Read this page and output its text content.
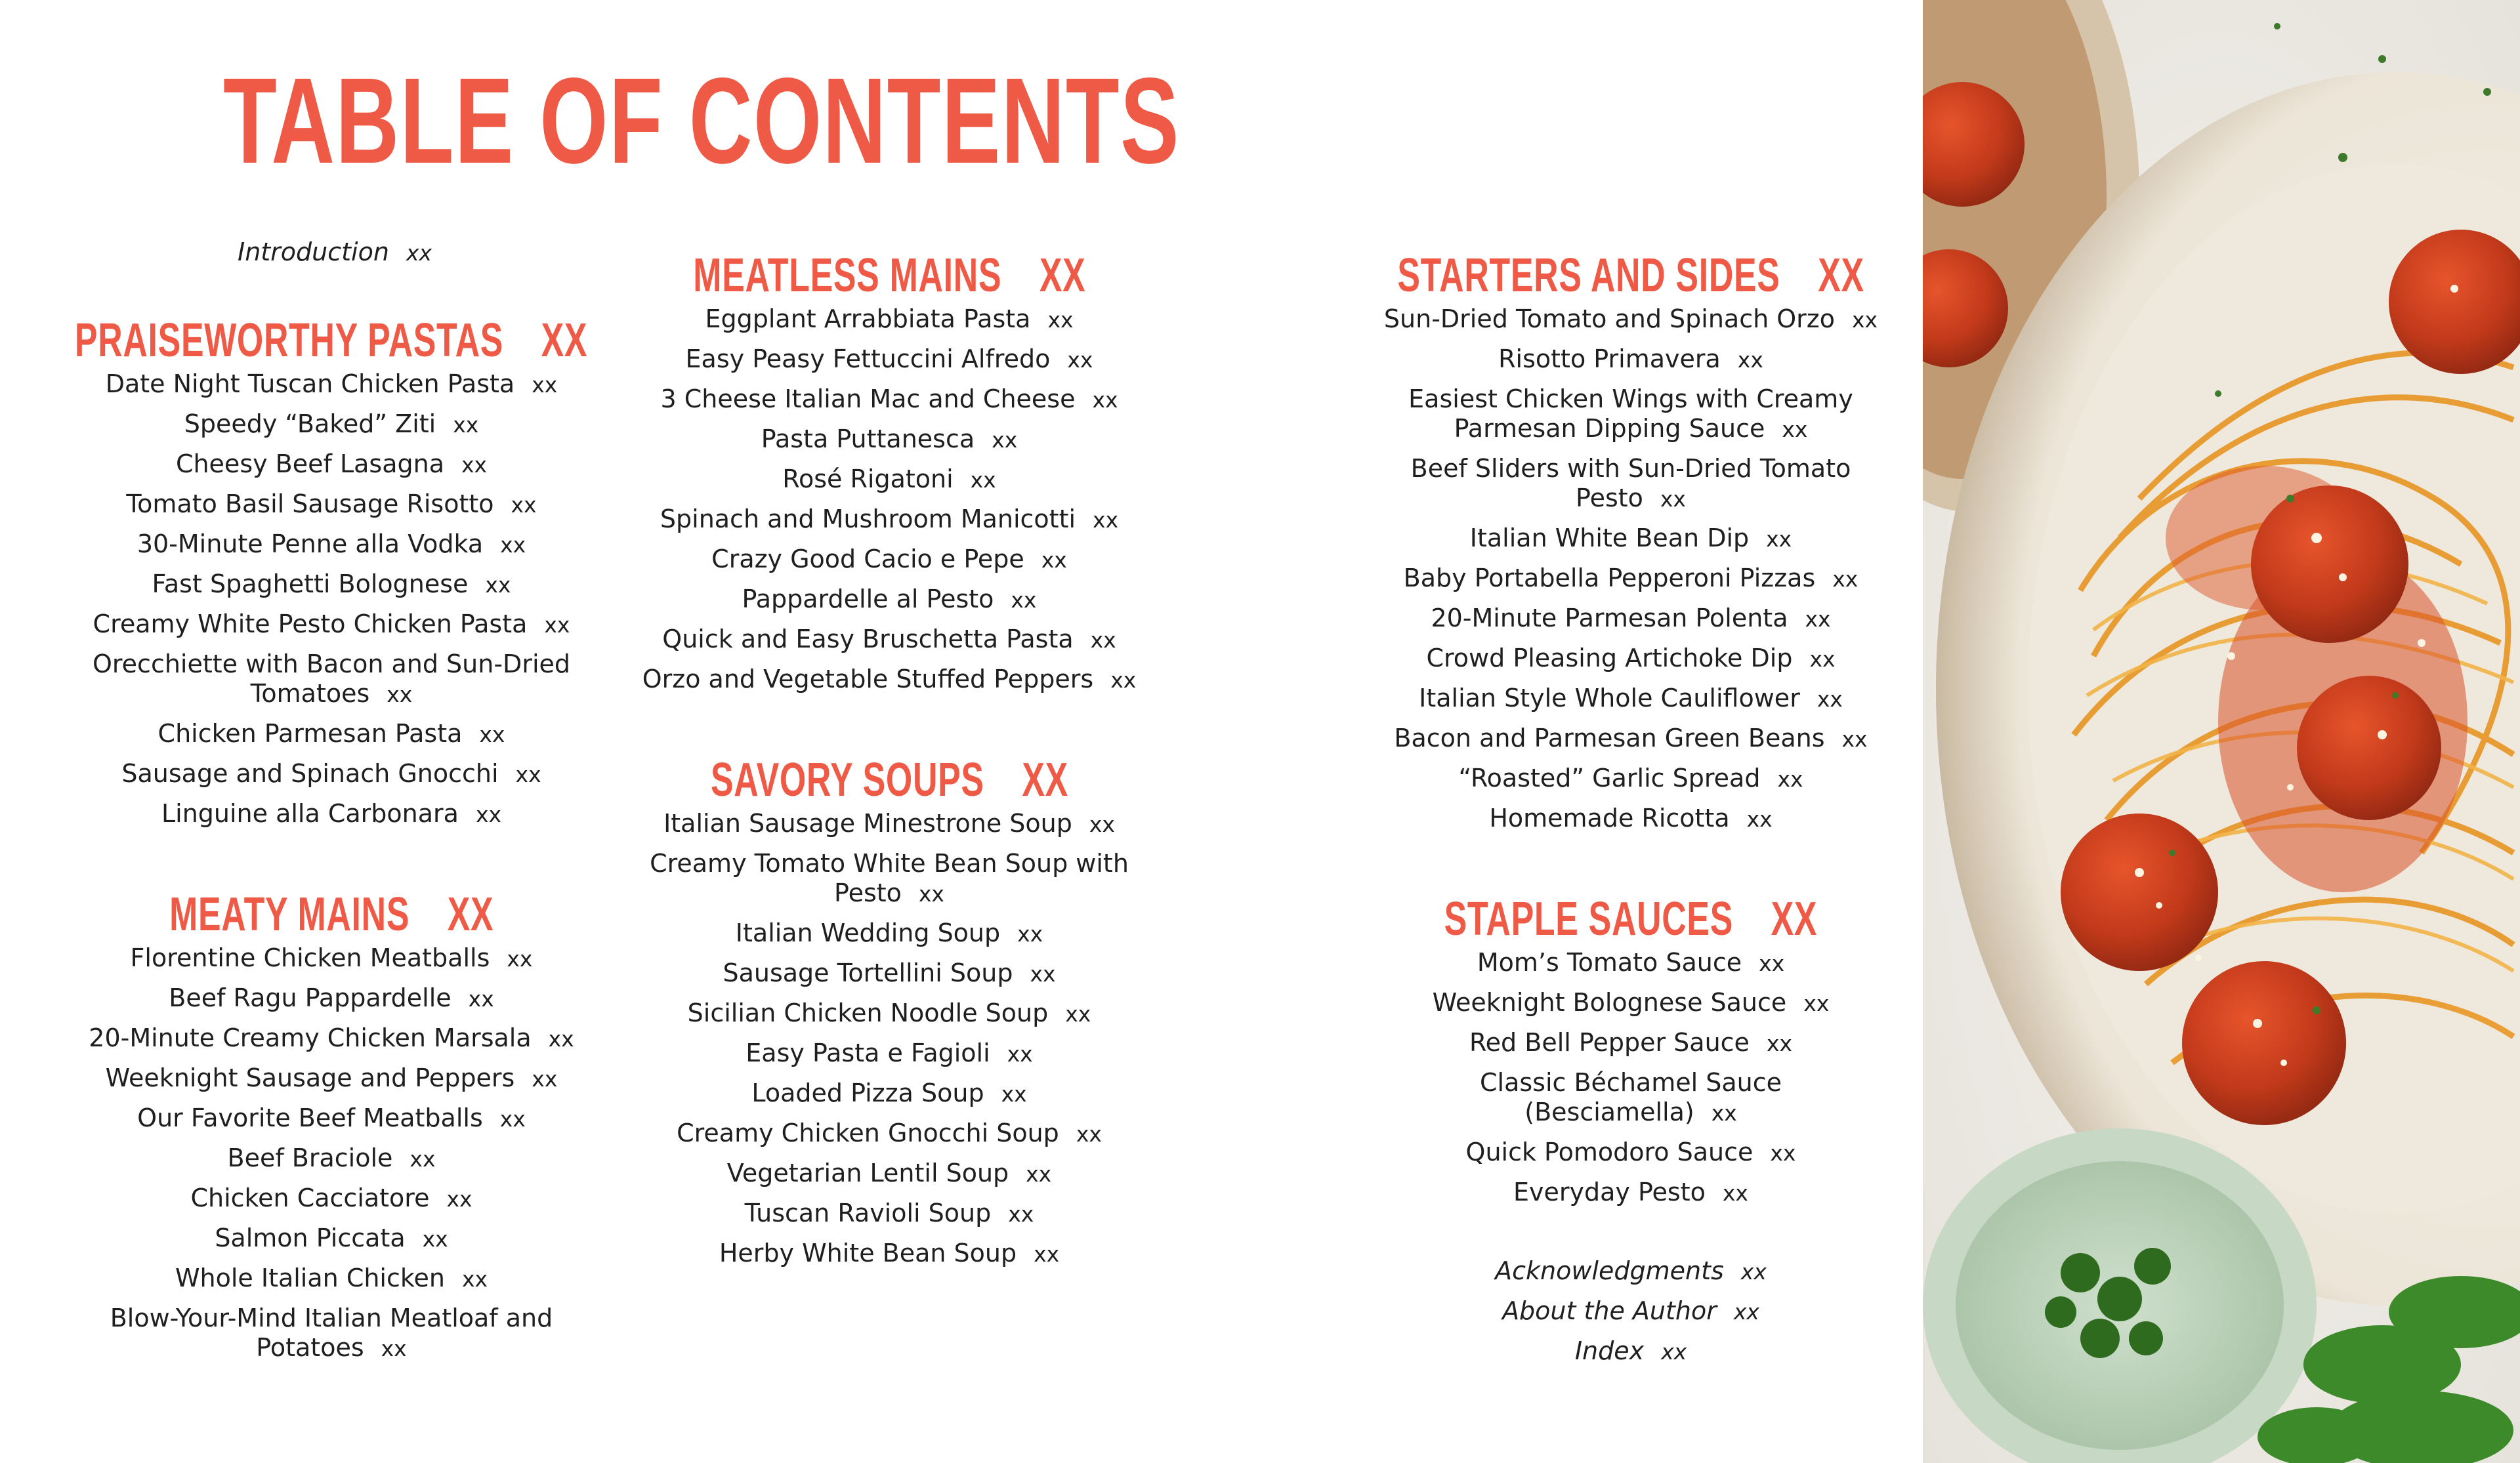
TABLE OF CONTENTS
Introduction xx
PRAISEWORTHY PASTAS XX
Date Night Tuscan Chicken Pasta xx
Speedy “Baked” Ziti xx
Cheesy Beef Lasagna xx
Tomato Basil Sausage Risotto xx
30-Minute Penne alla Vodka xx
Fast Spaghetti Bolognese xx
Creamy White Pesto Chicken Pasta xx
Orecchiette with Bacon and Sun-Dried Tomatoes xx
Chicken Parmesan Pasta xx
Sausage and Spinach Gnocchi xx
Linguine alla Carbonara xx
MEATY MAINS XX
Florentine Chicken Meatballs xx
Beef Ragu Pappardelle xx
20-Minute Creamy Chicken Marsala xx
Weeknight Sausage and Peppers xx
Our Favorite Beef Meatballs xx
Beef Braciole xx
Chicken Cacciatore xx
Salmon Piccata xx
Whole Italian Chicken xx
Blow-Your-Mind Italian Meatloaf and Potatoes xx
MEATLESS MAINS XX
Eggplant Arrabbiata Pasta xx
Easy Peasy Fettuccini Alfredo xx
3 Cheese Italian Mac and Cheese xx
Pasta Puttanesca xx
Rosé Rigatoni xx
Spinach and Mushroom Manicotti xx
Crazy Good Cacio e Pepe xx
Pappardelle al Pesto xx
Quick and Easy Bruschetta Pasta xx
Orzo and Vegetable Stuffed Peppers xx
SAVORY SOUPS XX
Italian Sausage Minestrone Soup xx
Creamy Tomato White Bean Soup with Pesto xx
Italian Wedding Soup xx
Sausage Tortellini Soup xx
Sicilian Chicken Noodle Soup xx
Easy Pasta e Fagioli xx
Loaded Pizza Soup xx
Creamy Chicken Gnocchi Soup xx
Vegetarian Lentil Soup xx
Tuscan Ravioli Soup xx
Herby White Bean Soup xx
STARTERS AND SIDES XX
Sun-Dried Tomato and Spinach Orzo xx
Risotto Primavera xx
Easiest Chicken Wings with Creamy Parmesan Dipping Sauce xx
Beef Sliders with Sun-Dried Tomato Pesto xx
Italian White Bean Dip xx
Baby Portabella Pepperoni Pizzas xx
20-Minute Parmesan Polenta xx
Crowd Pleasing Artichoke Dip xx
Italian Style Whole Cauliflower xx
Bacon and Parmesan Green Beans xx
“Roasted” Garlic Spread xx
Homemade Ricotta xx
STAPLE SAUCES XX
Mom’s Tomato Sauce xx
Weeknight Bolognese Sauce xx
Red Bell Pepper Sauce xx
Classic Béchamel Sauce (Besciamella) xx
Quick Pomodoro Sauce xx
Everyday Pesto xx
Acknowledgments xx
About the Author xx
Index xx
